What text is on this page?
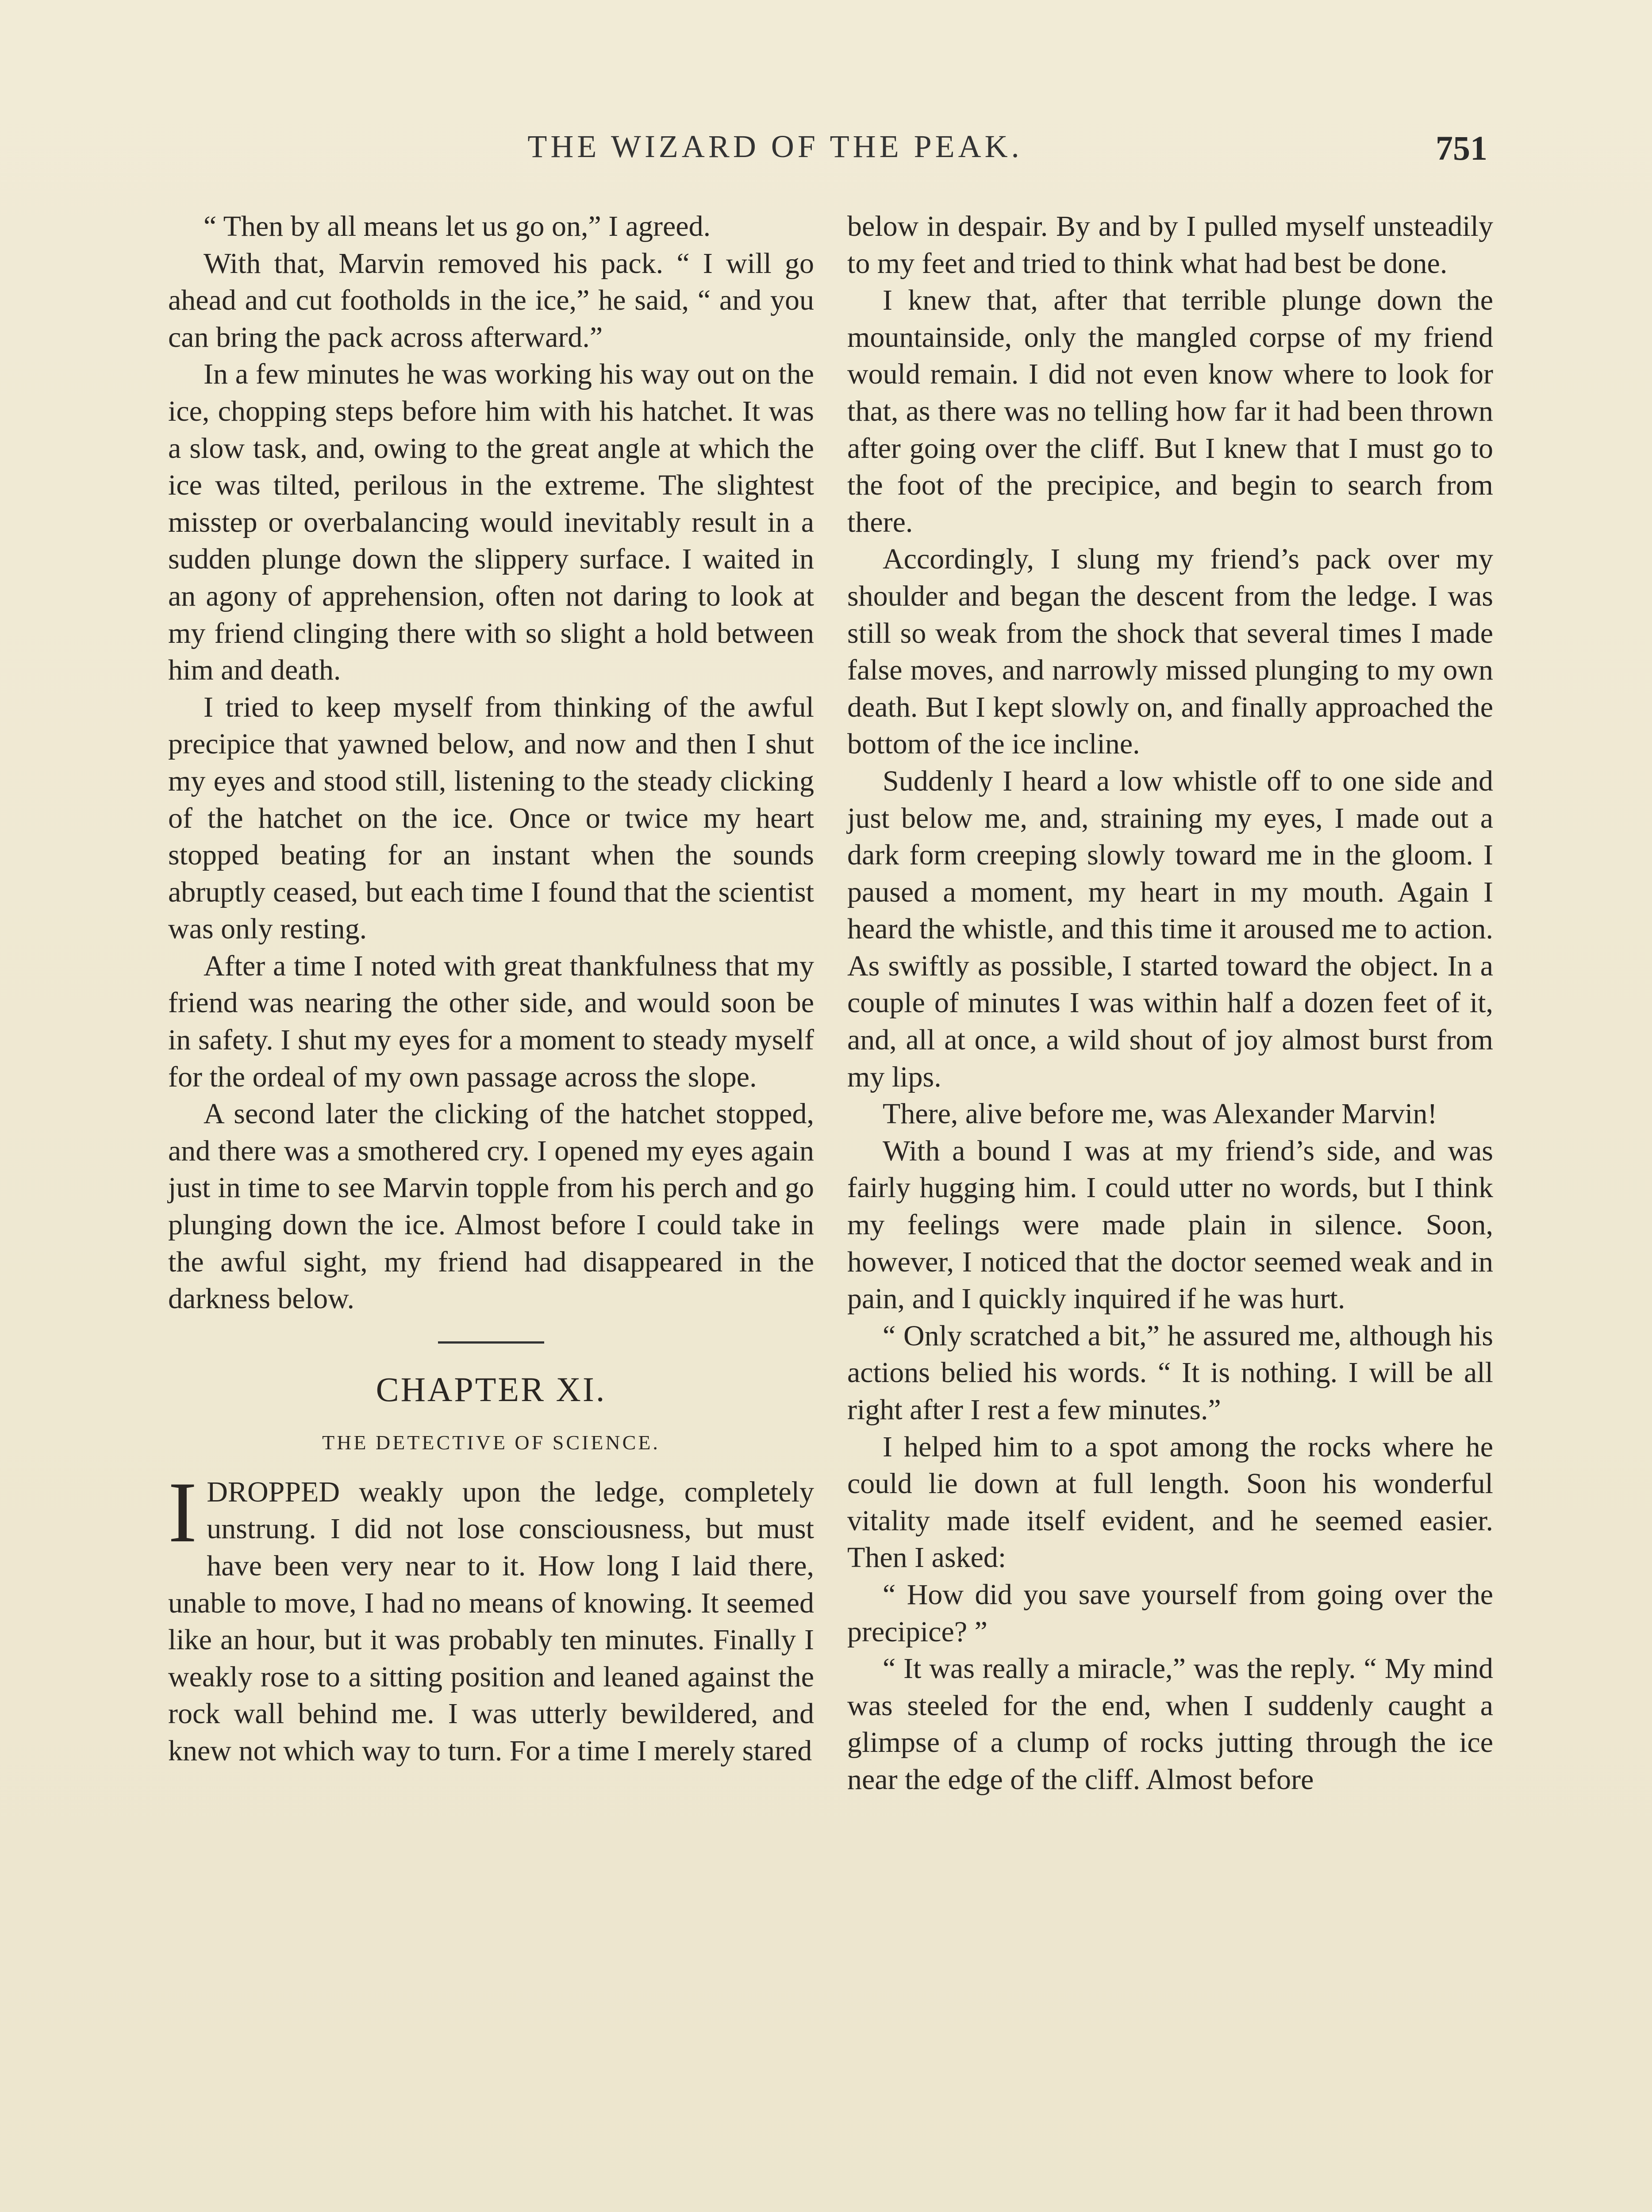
THE WIZARD OF THE PEAK.	751

“ Then by all means let us go on,” I agreed.

With that, Marvin removed his pack. “ I will go ahead and cut footholds in the ice,” he said, “ and you can bring the pack across afterward.”

In a few minutes he was working his way out on the ice, chopping steps before him with his hatchet. It was a slow task, and, owing to the great angle at which the ice was tilted, perilous in the extreme. The slightest misstep or overbalancing would inevitably result in a sudden plunge down the slippery surface. I waited in an agony of apprehension, often not daring to look at my friend clinging there with so slight a hold between him and death.

I tried to keep myself from thinking of the awful precipice that yawned below, and now and then I shut my eyes and stood still, listening to the steady clicking of the hatchet on the ice. Once or twice my heart stopped beating for an instant when the sounds abruptly ceased, but each time I found that the scientist was only resting.

After a time I noted with great thankfulness that my friend was nearing the other side, and would soon be in safety. I shut my eyes for a moment to steady myself for the ordeal of my own passage across the slope.

A second later the clicking of the hatchet stopped, and there was a smothered cry. I opened my eyes again just in time to see Marvin topple from his perch and go plunging down the ice. Almost before I could take in the awful sight, my friend had disappeared in the darkness below.

CHAPTER XI.
THE DETECTIVE OF SCIENCE.

IDROPPED weakly upon the ledge, completely unstrung. I did not lose consciousness, but must have been very near to it. How long I laid there, unable to move, I had no means of knowing. It seemed like an hour, but it was probably ten minutes. Finally I weakly rose to a sitting position and leaned against the rock wall behind me. I was utterly bewildered, and knew not which way to turn. For a time I merely stared

below in despair. By and by I pulled myself unsteadily to my feet and tried to think what had best be done.

I knew that, after that terrible plunge down the mountainside, only the mangled corpse of my friend would remain. I did not even know where to look for that, as there was no telling how far it had been thrown after going over the cliff. But I knew that I must go to the foot of the precipice, and begin to search from there.

Accordingly, I slung my friend’s pack over my shoulder and began the descent from the ledge. I was still so weak from the shock that several times I made false moves, and narrowly missed plunging to my own death. But I kept slowly on, and finally approached the bottom of the ice incline.

Suddenly I heard a low whistle off to one side and just below me, and, straining my eyes, I made out a dark form creeping slowly toward me in the gloom. I paused a moment, my heart in my mouth. Again I heard the whistle, and this time it aroused me to action. As swiftly as possible, I started toward the object. In a couple of minutes I was within half a dozen feet of it, and, all at once, a wild shout of joy almost burst from my lips.

There, alive before me, was Alexander Marvin!

With a bound I was at my friend’s side, and was fairly hugging him. I could utter no words, but I think my feelings were made plain in silence. Soon, however, I noticed that the doctor seemed weak and in pain, and I quickly inquired if he was hurt.

“ Only scratched a bit,” he assured me, although his actions belied his words. “ It is nothing. I will be all right after I rest a few minutes.”

I helped him to a spot among the rocks where he could lie down at full length. Soon his wonderful vitality made itself evident, and he seemed easier. Then I asked:

“ How did you save yourself from going over the precipice? ”

“ It was really a miracle,” was the reply. “ My mind was steeled for the end, when I suddenly caught a glimpse of a clump of rocks jutting through the ice near the edge of the cliff. Almost before
